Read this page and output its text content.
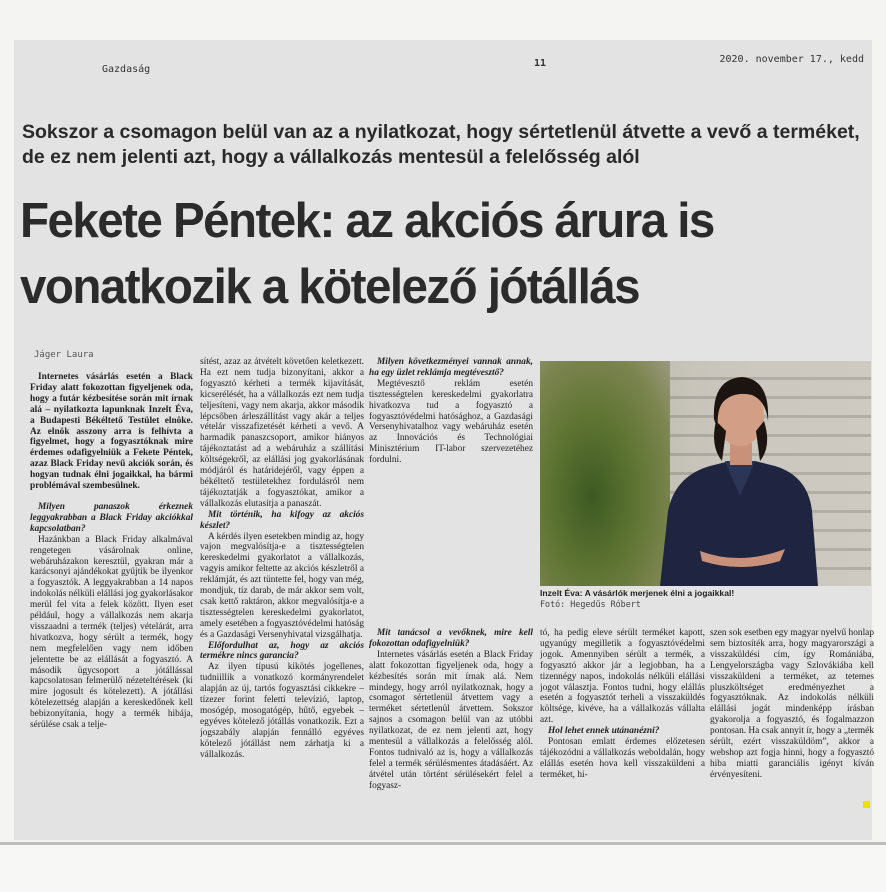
Gazdaság
11	2020. november 17., kedd
Sokszor a csomagon belül van az a nyilatkozat, hogy sértetlenül átvette a vevő a terméket, de ez nem jelenti azt, hogy a vállalkozás mentesül a felelősség alól
Fekete Péntek: az akciós árura is vonatkozik a kötelező jótállás
Jáger Laura

Internetes vásárlás esetén a Black Friday alatt fokozottan figyeljenek oda, hogy a futár kézbesítése során mit írnak alá – nyilatkozta lapunknak Inzelt Éva, a Budapesti Békéltető Testület elnöke. Az elnök asszony arra is felhívta a figyelmet, hogy a fogyasztóknak mire érdemes odafigyelniük a Fekete Péntek, azaz Black Friday nevű akciók során, és hogyan tudnak élni jogaikkal, ha bármi problémával szembesülnek.

Milyen panaszok érkeznek leggyakrabban a Black Friday akciókkal kapcsolatban?

Hazánkban a Black Friday alkalmával rengetegen vásárolnak online, webáruházakon keresztül, gyakran már a karácsonyi ajándékokat gyűjtik be ilyenkor a fogyasztók. A leggyakrabban a 14 napos indokolás nélküli elállási jog gyakorlásakor merül fel vita a felek között. Ilyen eset például, hogy a vállalkozás nem akarja visszaadni a termék (teljes) vételárát, arra hivatkozva, hogy sérült a termék, hogy nem megfelelően vagy nem időben jelentette be az elállását a fogyasztó. A második ügycsoport a jótállással kapcsolatosan felmerülő nézeteltérések (ki mire jogosult és kötelezett). A jótállási kötelezettség alapján a kereskedőnek kell bebizonyítania, hogy a termék hibája, sérülése csak a telje-

sítést, azaz az átvételt követően keletkezett. Ha ezt nem tudja bizonyítani, akkor a fogyasztó kérheti a termék kijavítását, kicserélését, ha a vállalkozás ezt nem tudja teljesíteni, vagy nem akarja, akkor második lépcsőben árleszállítást vagy akár a teljes vételár visszafizetését kérheti a vevő. A harmadik panaszcsoport, amikor hiányos tájékoztatást ad a webáruház a szállítási költségekről, az elállási jog gyakorlásának módjáról és határidejéről, vagy éppen a békéltető testületekhez fordulásról nem tájékoztatják a fogyasztókat, amikor a vállalkozás elutasítja a panaszát.

Mit történik, ha kifogy az akciós készlet?

A kérdés ilyen esetekben mindig az, hogy vajon megvalósítja-e a tisztességtelen kereskedelmi gyakorlatot a vállalkozás, vagyis amikor feltette az akciós készletről a reklámját, és azt tüntette fel, hogy van még, mondjuk, tíz darab, de már akkor sem volt, csak kettő raktáron, akkor megvalósítja-e a tisztességtelen kereskedelmi gyakorlatot, amely esetében a fogyasztóvédelmi hatóság és a Gazdasági Versenyhivatal vizsgálhatja.

Előfordulhat az, hogy az akciós termékre nincs garancia?

Az ilyen típusú kikötés jogellenes, tudniillik a vonatkozó kormányrendelet alapján az új, tartós fogyasztási cikkekre – tízezer forint feletti televízió, laptop, mosógép, mosogatógép, hűtő, egyebek – egyéves kötelező jótállás vonatkozik. Ezt a jogszabály alapján fennálló egyéves kötelező jótállást nem zárhatja ki a vállalkozás.

Milyen következményei vannak annak, ha egy üzlet reklámja megtévesztő?

Megtévesztő reklám esetén tisztességtelen kereskedelmi gyakorlatra hivatkozva tud a fogyasztó a fogyasztóvédelmi hatósághoz, a Gazdasági Versenyhivatalhoz vagy webáruház esetén az Innovációs és Technológiai Minisztérium IT-labor szervezetéhez fordulni.

Mit tanácsol a vevőknek, mire kell fokozottan odafigyelniük?

Internetes vásárlás esetén a Black Friday alatt fokozottan figyeljenek oda, hogy a kézbesítés során mit írnak alá. Nem mindegy, hogy arról nyilatkoznak, hogy a csomagot sértetlenül átvettem vagy a terméket sértetlenül átvettem. Sokszor sajnos a csomagon belül van az utóbbi nyilatkozat, de ez nem jelenti azt, hogy mentesül a vállalkozás a felelősség alól. Fontos tudnivaló az is, hogy a vállalkozás felel a termék sérülésmentes átadásáért. Az átvétel után történt sérülésekért felel a fogyasz-

tó, ha pedig eleve sérült terméket kapott, ugyanúgy megilletik a fogyasztóvédelmi jogok. Amennyiben sérült a termék, a fogyasztó akkor jár a legjobban, ha a tizennégy napos, indokolás nélküli elállási jogot választja. Fontos tudni, hogy elállás esetén a fogyasztót terheli a visszaküldés költsége, kivéve, ha a vállalkozás vállalta azt.

Hol lehet ennek utánanézni?

Pontosan emlatt érdemes előzetesen tájékozódni a vállalkozás weboldalán, hogy elállás esetén hova kell visszaküldeni a terméket, hi-

szen sok esetben egy magyar nyelvű honlap sem biztosíték arra, hogy magyarországi a visszaküldési cím, így Romániába, Lengyelországba vagy Szlovákiába kell visszaküldeni a terméket, az tetemes pluszköltséget eredményezhet a fogyasztóknak. Az indokolás nélküli elállási jogát mindenképp írásban gyakorolja a fogyasztó, és fogalmazzon pontosan. Ha csak annyit ír, hogy a „termék sérült, ezért visszaküldöm”, akkor a webshop azt fogja hinni, hogy a fogyasztó hiba miatti garanciális igényt kíván érvényesíteni.

Inzelt Éva: A vásárlók merjenek élni a jogaikkal!
Fotó: Hegedűs Róbert
